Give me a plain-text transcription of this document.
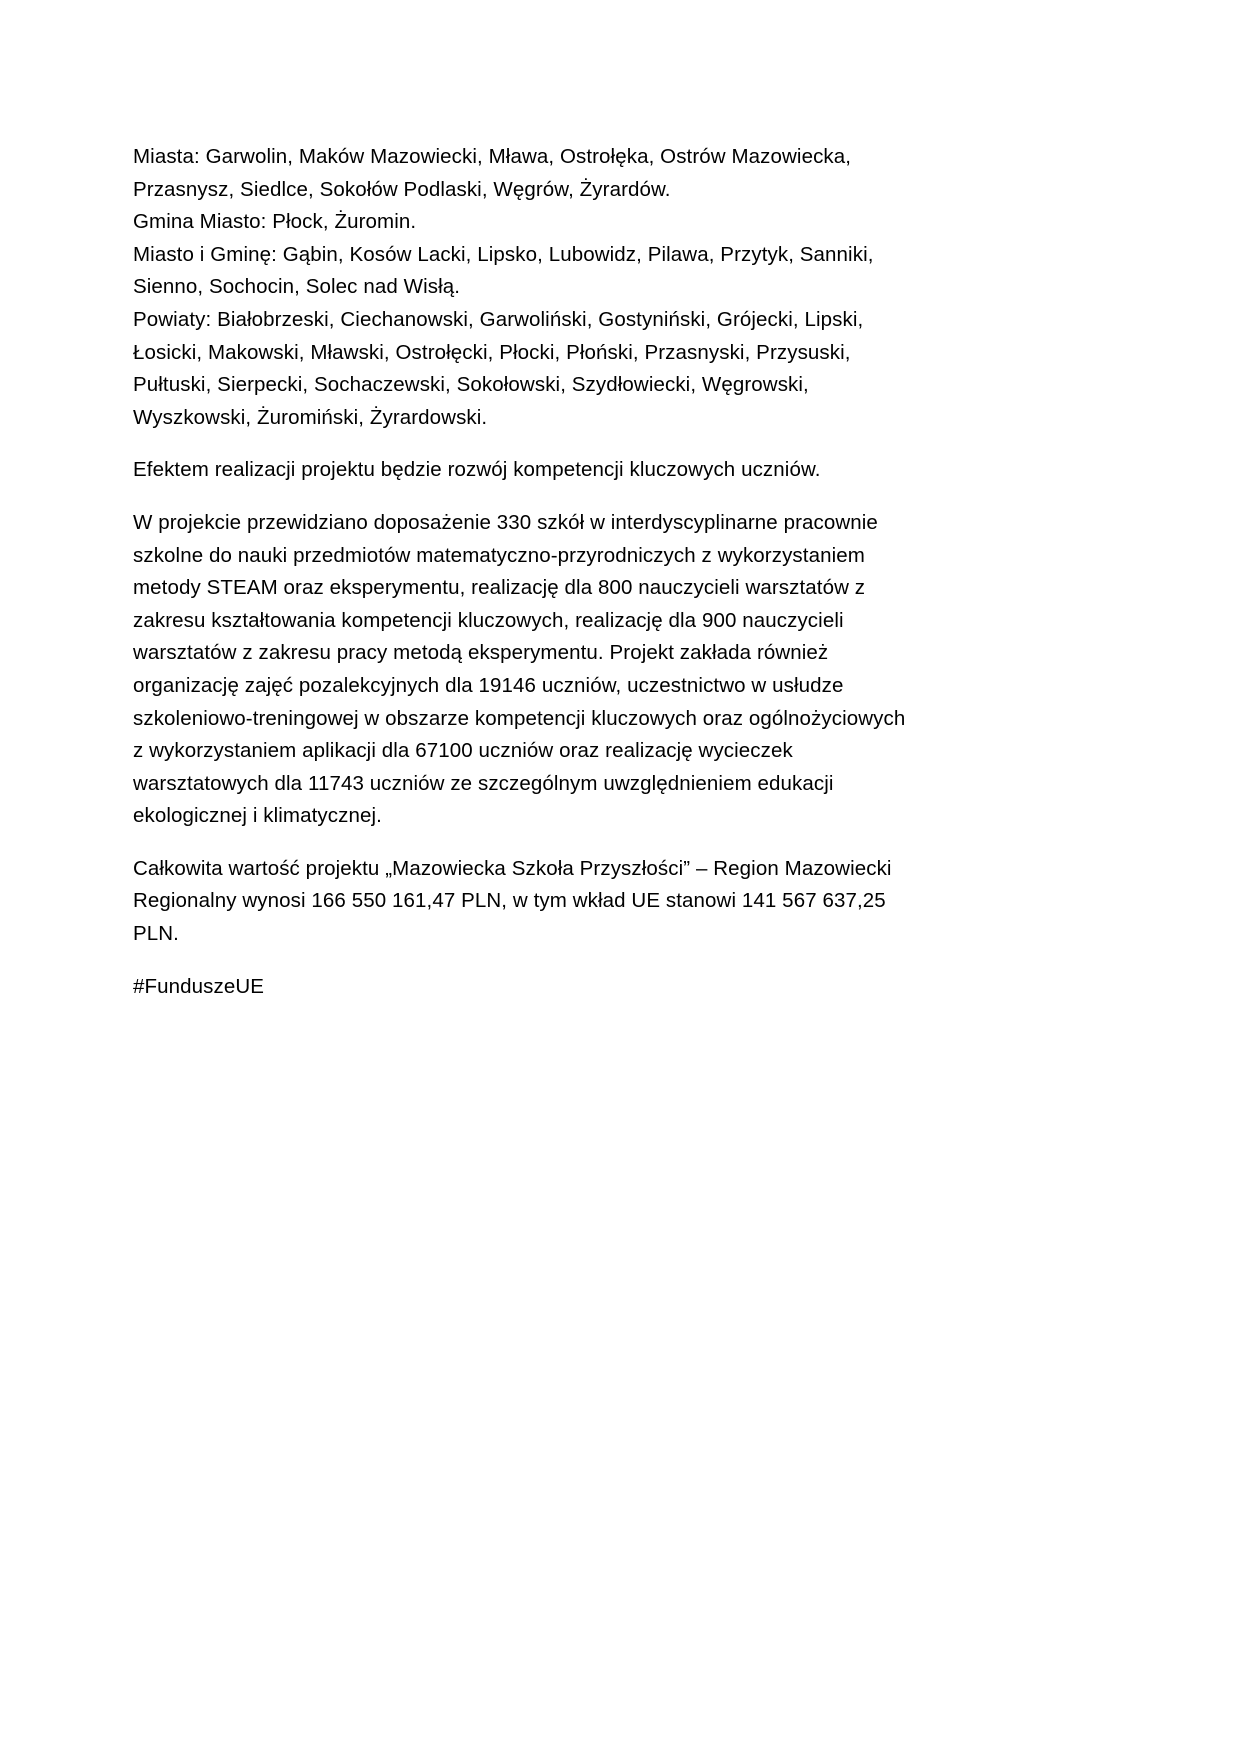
Miasta: Garwolin, Maków Mazowiecki, Mława, Ostrołęka, Ostrów Mazowiecka,
Przasnysz, Siedlce, Sokołów Podlaski, Węgrów, Żyrardów.
Gmina Miasto: Płock, Żuromin.
Miasto i Gminę: Gąbin, Kosów Lacki, Lipsko, Lubowidz, Pilawa, Przytyk, Sanniki,
Sienno, Sochocin, Solec nad Wisłą.
Powiaty: Białobrzeski, Ciechanowski, Garwoliński, Gostyniński, Grójecki, Lipski,
Łosicki, Makowski, Mławski, Ostrołęcki, Płocki, Płoński, Przasnyski, Przysuski,
Pułtuski, Sierpecki, Sochaczewski, Sokołowski, Szydłowiecki, Węgrowski,
Wyszkowski, Żuromiński, Żyrardowski.
Efektem realizacji projektu będzie rozwój kompetencji kluczowych uczniów.
W projekcie przewidziano doposażenie 330 szkół w interdyscyplinarne pracownie
szkolne do nauki przedmiotów matematyczno-przyrodniczych z wykorzystaniem
metody STEAM oraz eksperymentu, realizację dla 800 nauczycieli warsztatów z
zakresu kształtowania kompetencji kluczowych, realizację dla 900 nauczycieli
warsztatów z zakresu pracy metodą eksperymentu. Projekt zakłada również
organizację zajęć pozalekcyjnych dla 19146 uczniów, uczestnictwo w usłudze
szkoleniowo-treningowej w obszarze kompetencji kluczowych oraz ogólnożyciowych
z wykorzystaniem aplikacji dla 67100 uczniów oraz realizację wycieczek
warsztatowych dla 11743 uczniów ze szczególnym uwzględnieniem edukacji
ekologicznej i klimatycznej.
Całkowita wartość projektu „Mazowiecka Szkoła Przyszłości” – Region Mazowiecki
Regionalny wynosi 166 550 161,47 PLN, w tym wkład UE stanowi 141 567 637,25
PLN.
#FunduszeUE
